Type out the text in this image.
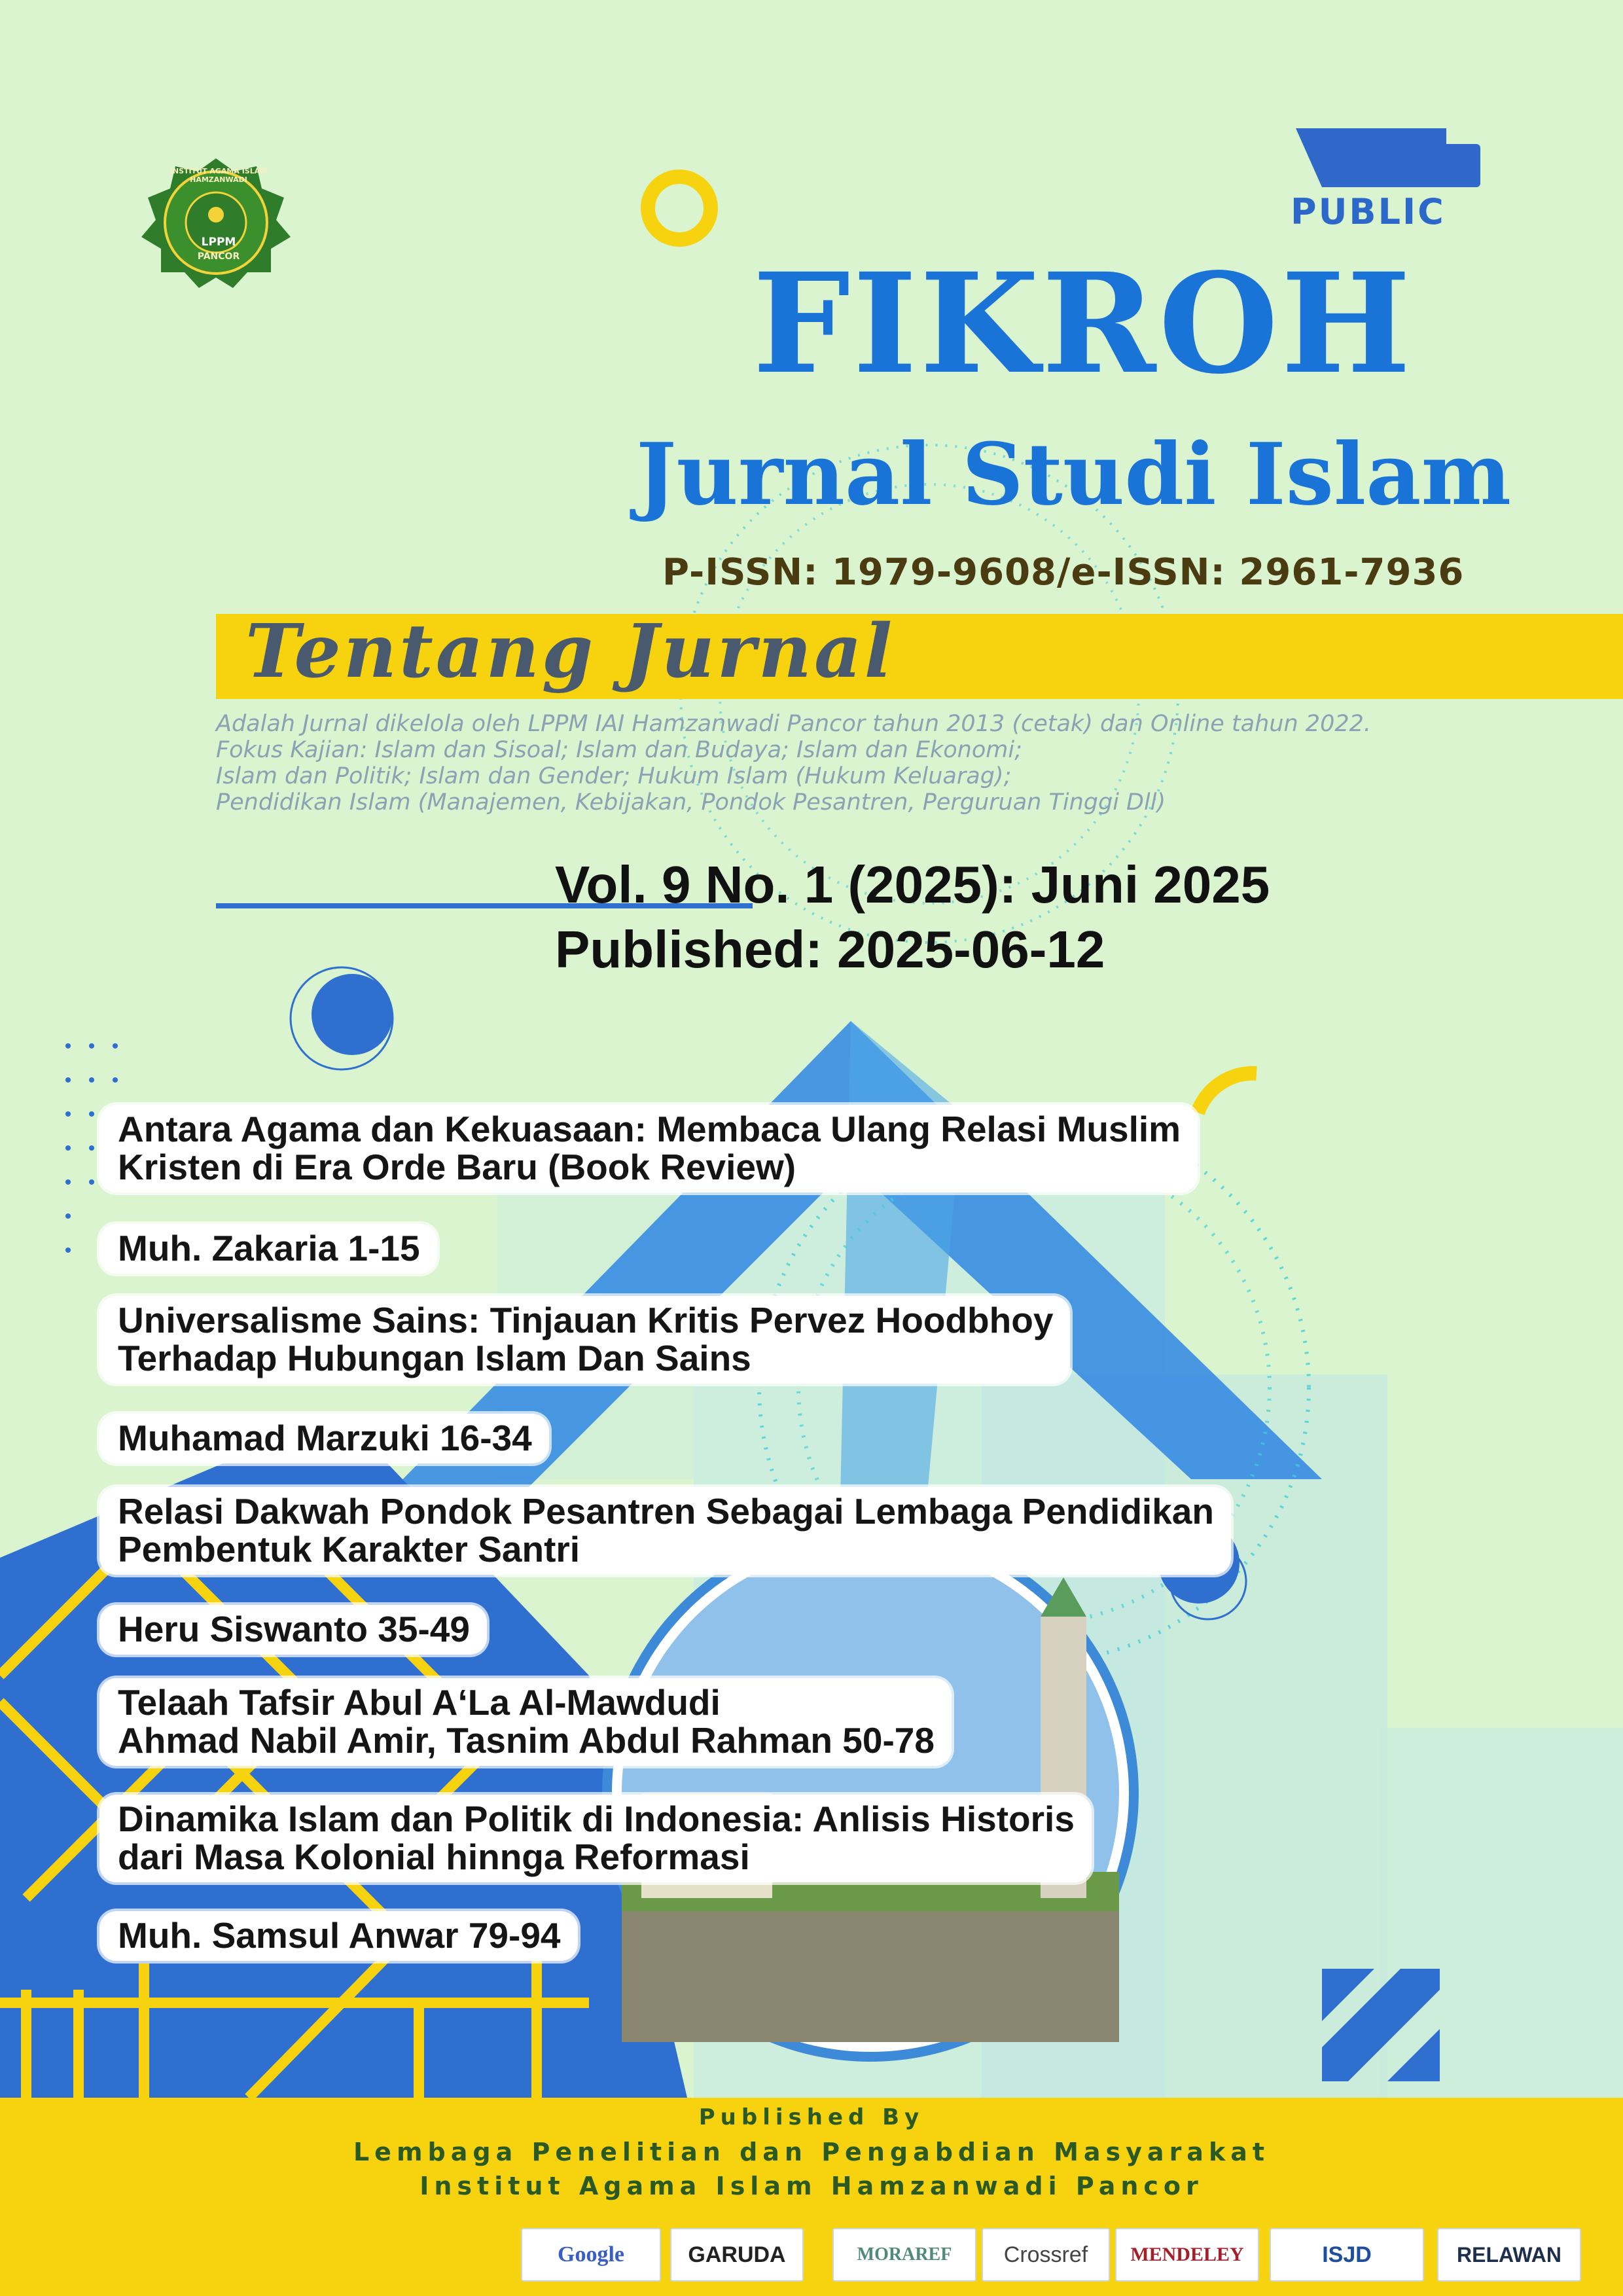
INSTITUT AGAMA ISLAM HAMZANWADI
LPPM
PANCOR
PUBLIC
FIKROH
Jurnal Studi Islam
P-ISSN: 1979-9608/e-ISSN: 2961-7936
Tentang Jurnal
Adalah Jurnal dikelola oleh LPPM IAI Hamzanwadi Pancor tahun 2013 (cetak) dan Online tahun 2022.
Fokus Kajian: Islam dan Sisoal; Islam dan Budaya; Islam dan Ekonomi;
Islam dan Politik; Islam dan Gender; Hukum Islam (Hukum Keluarag);
Pendidikan Islam (Manajemen, Kebijakan, Pondok Pesantren, Perguruan Tinggi Dll)
Vol. 9 No. 1 (2025): Juni 2025
Published: 2025-06-12
Antara Agama dan Kekuasaan: Membaca Ulang Relasi Muslim
Kristen di Era Orde Baru (Book Review)
Muh. Zakaria 1-15
Universalisme Sains: Tinjauan Kritis Pervez Hoodbhoy
Terhadap Hubungan Islam Dan Sains
Muhamad Marzuki 16-34
Relasi Dakwah Pondok Pesantren Sebagai Lembaga Pendidikan
Pembentuk Karakter Santri
Heru Siswanto 35-49
Telaah Tafsir Abul A‘La Al-Mawdudi
Ahmad Nabil Amir, Tasnim Abdul Rahman 50-78
Dinamika Islam dan Politik di Indonesia: Anlisis Historis
dari Masa Kolonial hinnga Reformasi
Muh. Samsul Anwar 79-94
Published By
Lembaga Penelitian dan Pengabdian Masyarakat
Institut Agama Islam Hamzanwadi Pancor
Google	GARUDA	MORAREF	Crossref	MENDELEY	ISJD	RELAWAN
